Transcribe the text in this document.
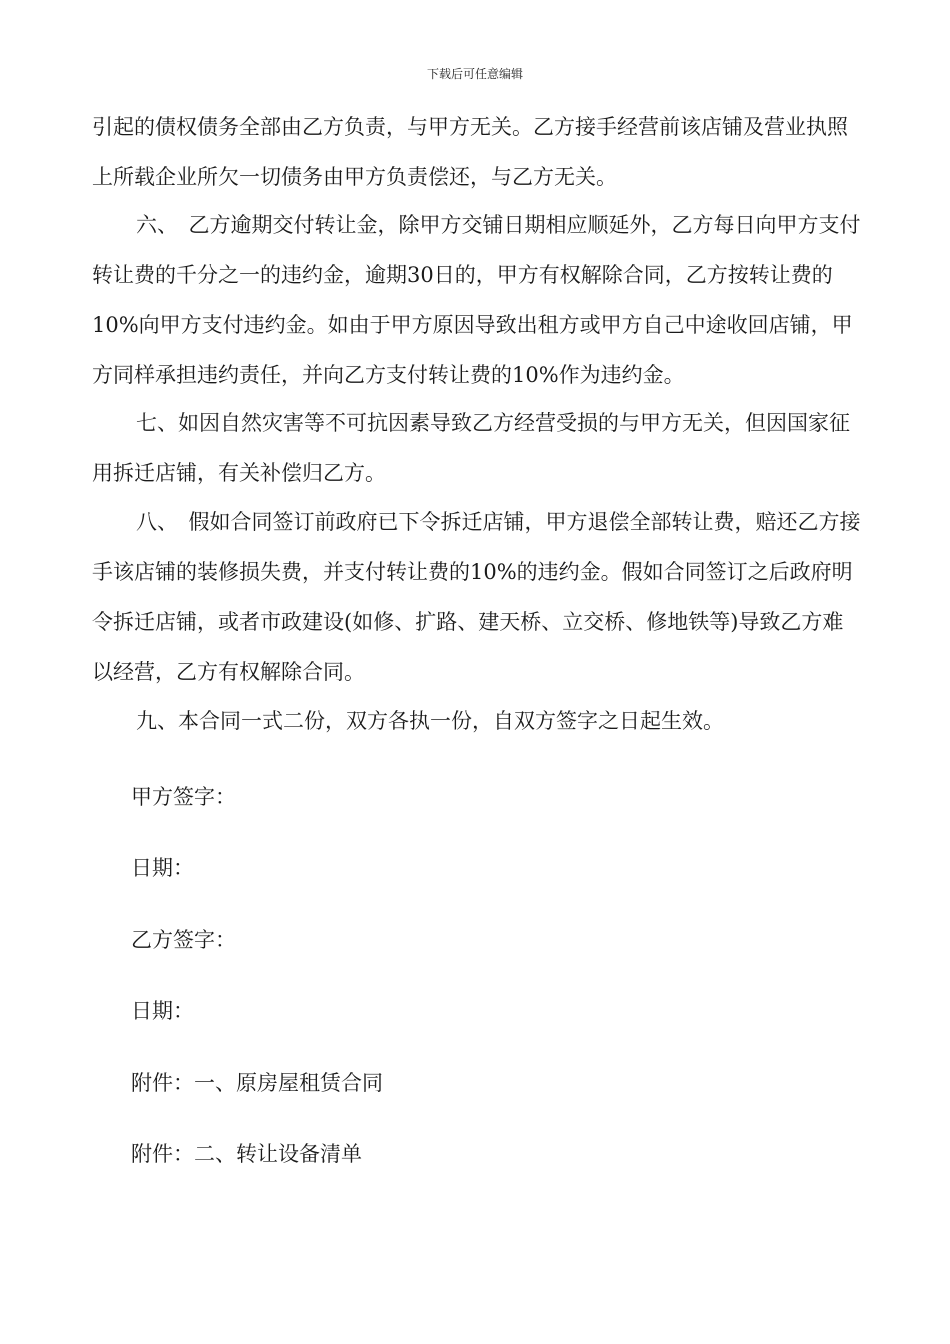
下载后可任意编辑

引起的债权债务全部由乙方负责，与甲方无关。乙方接手经营前该店铺及营业执照上所载企业所欠一切债务由甲方负责偿还，与乙方无关。

六、　乙方逾期交付转让金，除甲方交铺日期相应顺延外，乙方每日向甲方支付转让费的千分之一的违约金，逾期30日的，甲方有权解除合同，乙方按转让费的10%向甲方支付违约金。如由于甲方原因导致出租方或甲方自己中途收回店铺，甲方同样承担违约责任，并向乙方支付转让费的10%作为违约金。

七、如因自然灾害等不可抗因素导致乙方经营受损的与甲方无关，但因国家征用拆迁店铺，有关补偿归乙方。

八、　假如合同签订前政府已下令拆迁店铺，甲方退偿全部转让费，赔还乙方接手该店铺的装修损失费，并支付转让费的10%的违约金。假如合同签订之后政府明令拆迁店铺，或者市政建设(如修、扩路、建天桥、立交桥、修地铁等)导致乙方难以经营，乙方有权解除合同。

九、本合同一式二份，双方各执一份，自双方签字之日起生效。

甲方签字：

日期：

乙方签字：

日期：

附件：一、原房屋租赁合同

附件：二、转让设备清单
